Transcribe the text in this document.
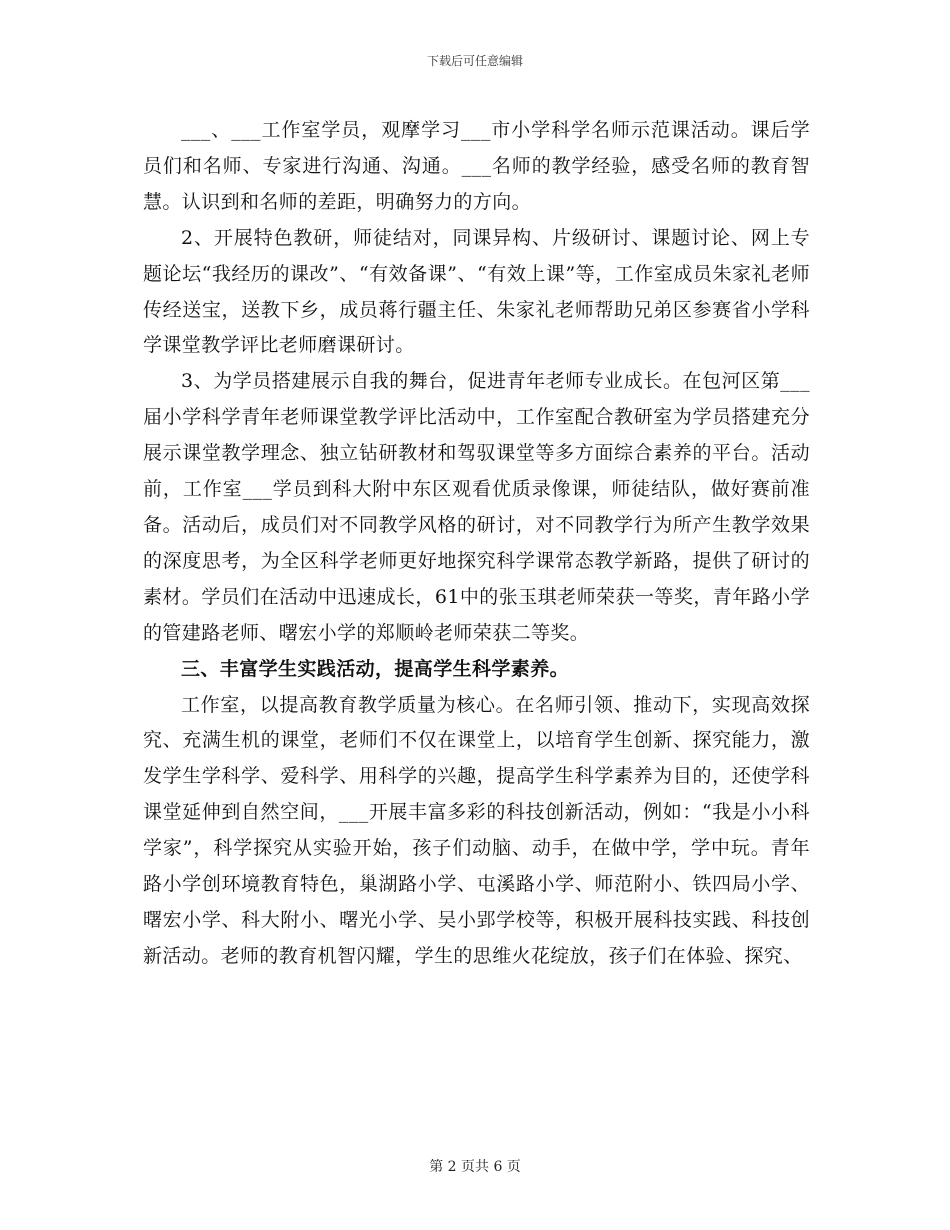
下载后可任意编辑

___、___工作室学员，观摩学习___市小学科学名师示范课活动。课后学员们和名师、专家进行沟通、沟通。___名师的教学经验，感受名师的教育智慧。认识到和名师的差距，明确努力的方向。

2、开展特色教研，师徒结对，同课异构、片级研讨、课题讨论、网上专题论坛“我经历的课改”、“有效备课”、“有效上课”等，工作室成员朱家礼老师传经送宝，送教下乡，成员蒋行疆主任、朱家礼老师帮助兄弟区参赛省小学科学课堂教学评比老师磨课研讨。

3、为学员搭建展示自我的舞台，促进青年老师专业成长。在包河区第___届小学科学青年老师课堂教学评比活动中，工作室配合教研室为学员搭建充分展示课堂教学理念、独立钻研教材和驾驭课堂等多方面综合素养的平台。活动前，工作室___学员到科大附中东区观看优质录像课，师徒结队，做好赛前准备。活动后，成员们对不同教学风格的研讨，对不同教学行为所产生教学效果的深度思考，为全区科学老师更好地探究科学课常态教学新路，提供了研讨的素材。学员们在活动中迅速成长，61中的张玉琪老师荣获一等奖，青年路小学的管建路老师、曙宏小学的郑顺岭老师荣获二等奖。

三、丰富学生实践活动，提高学生科学素养。

工作室，以提高教育教学质量为核心。在名师引领、推动下，实现高效探究、充满生机的课堂，老师们不仅在课堂上，以培育学生创新、探究能力，激发学生学科学、爱科学、用科学的兴趣，提高学生科学素养为目的，还使学科课堂延伸到自然空间，___开展丰富多彩的科技创新活动，例如：“我是小小科学家”，科学探究从实验开始，孩子们动脑、动手，在做中学，学中玩。青年路小学创环境教育特色，巢湖路小学、屯溪路小学、师范附小、铁四局小学、曙宏小学、科大附小、曙光小学、吴小郢学校等，积极开展科技实践、科技创新活动。老师的教育机智闪耀，学生的思维火花绽放，孩子们在体验、探究、

第 2 页共 6 页
